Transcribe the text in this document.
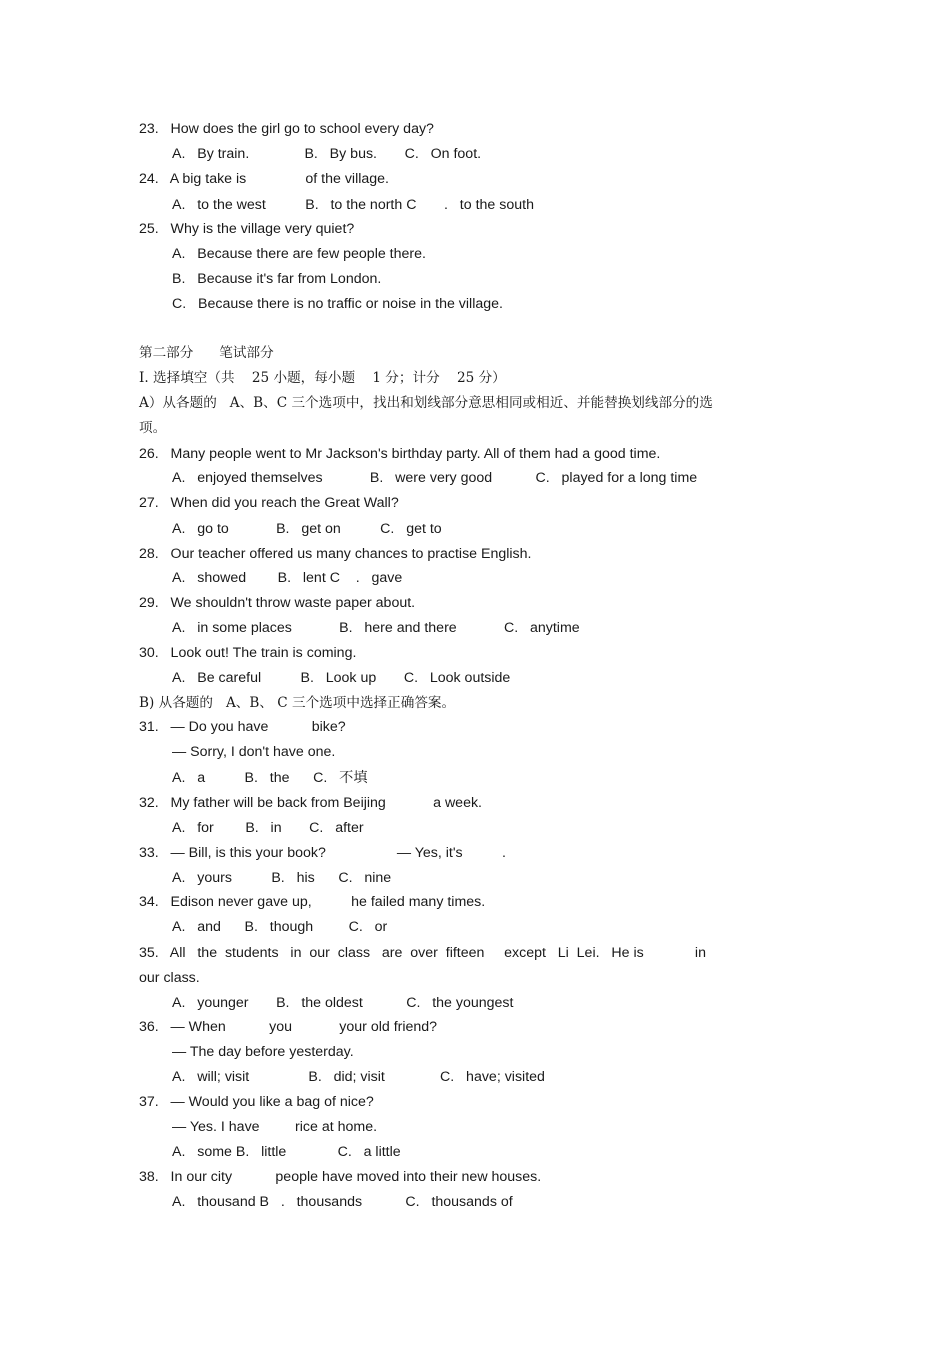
23.   How does the girl go to school every day?
A.   By train.              B.   By bus.       C.   On foot.
24.   A big take is               of the village.
A.   to the west          B.   to the north C       .   to the south
25.   Why is the village very quiet?
A.   Because there are few people there.
B.   Because it's far from London.
C.   Because there is no traffic or noise in the village.
第二部分      笔试部分
Ⅰ. 选择填空（共    25 小题，每小题    1 分；计分    25 分）
A）从各题的   A、B、C 三个选项中，找出和划线部分意思相同或相近、并能替换划线部分的选
项。
26.   Many people went to Mr Jackson's birthday party. All of them had a good time.
A.   enjoyed themselves            B.   were very good           C.   played for a long time
27.   When did you reach the Great Wall?
A.   go to            B.   get on          C.   get to
28.   Our teacher offered us many chances to practise English.
A.   showed        B.   lent C    .   gave
29.   We shouldn't throw waste paper about.
A.   in some places            B.   here and there            C.   anytime
30.   Look out! The train is coming.
A.   Be careful          B.   Look up       C.   Look outside
B) 从各题的   A、B、 C 三个选项中选择正确答案。
31.   — Do you have           bike?
— Sorry, I don't have one.
A.   a          B.   the      C.   不填
32.   My father will be back from Beijing            a week.
A.   for        B.   in       C.   after
33.   — Bill, is this your book?                  — Yes, it's          .
A.   yours          B.   his      C.   nine
34.   Edison never gave up,          he failed many times.
A.   and      B.   though         C.   or
35.   All   the  students   in  our  class   are  over  fifteen     except   Li  Lei.   He is             in
our class.
A.   younger       B.   the oldest           C.   the youngest
36.   — When           you            your old friend?
— The day before yesterday.
A.   will; visit               B.   did; visit              C.   have; visited
37.   — Would you like a bag of nice?
— Yes. I have         rice at home.
A.   some B.   little             C.   a little
38.   In our city           people have moved into their new houses.
A.   thousand B   .   thousands           C.   thousands of
